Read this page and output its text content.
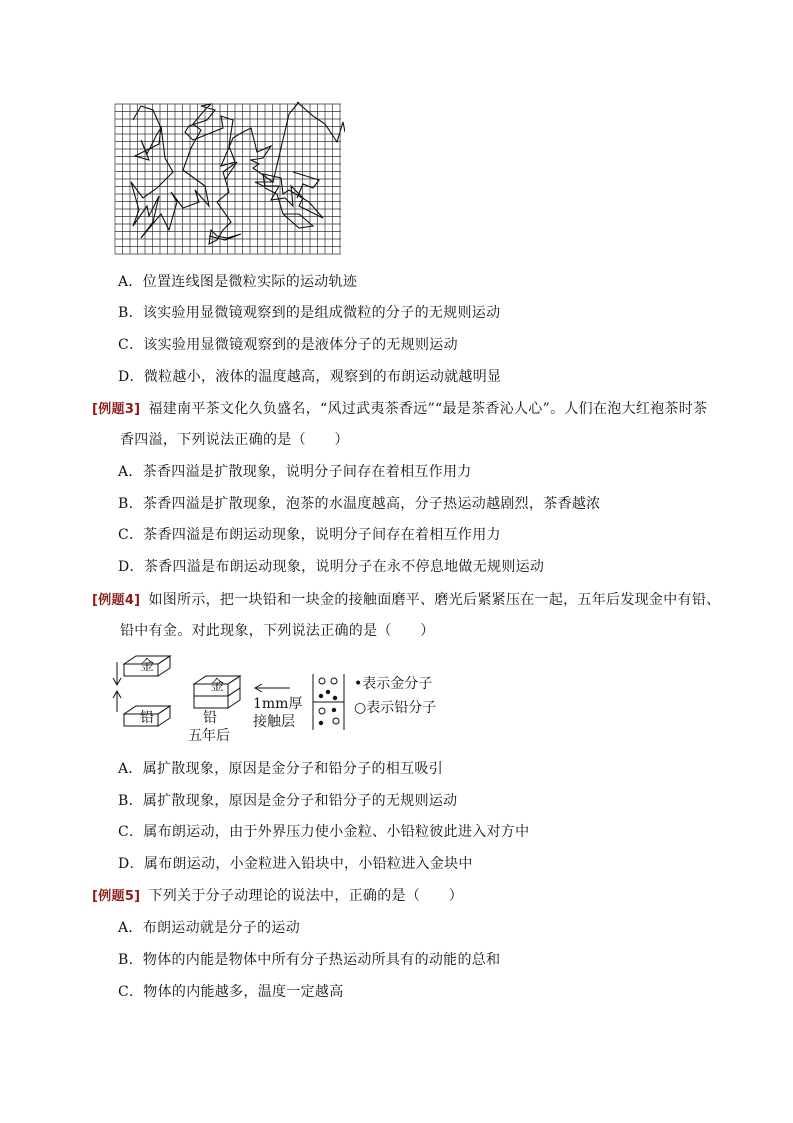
A．位置连线图是微粒实际的运动轨迹
B．该实验用显微镜观察到的是组成微粒的分子的无规则运动
C．该实验用显微镜观察到的是液体分子的无规则运动
D．微粒越小，液体的温度越高，观察到的布朗运动就越明显
[例题3] 福建南平茶文化久负盛名，“风过武夷茶香远”“最是茶香沁人心”。人们在泡大红袍茶时茶
香四溢，下列说法正确的是（　　）
A．茶香四溢是扩散现象，说明分子间存在着相互作用力
B．茶香四溢是扩散现象，泡茶的水温度越高，分子热运动越剧烈，茶香越浓
C．茶香四溢是布朗运动现象，说明分子间存在着相互作用力
D．茶香四溢是布朗运动现象，说明分子在永不停息地做无规则运动
[例题4] 如图所示，把一块铅和一块金的接触面磨平、磨光后紧紧压在一起，五年后发现金中有铅、
铅中有金。对此现象，下列说法正确的是（　　）
金
铅
金
铅
五年后
1mm厚
接触层
•表示金分子
○表示铅分子
A．属扩散现象，原因是金分子和铅分子的相互吸引
B．属扩散现象，原因是金分子和铅分子的无规则运动
C．属布朗运动，由于外界压力使小金粒、小铅粒彼此进入对方中
D．属布朗运动，小金粒进入铅块中，小铅粒进入金块中
[例题5] 下列关于分子动理论的说法中，正确的是（　　）
A．布朗运动就是分子的运动
B．物体的内能是物体中所有分子热运动所具有的动能的总和
C．物体的内能越多，温度一定越高
